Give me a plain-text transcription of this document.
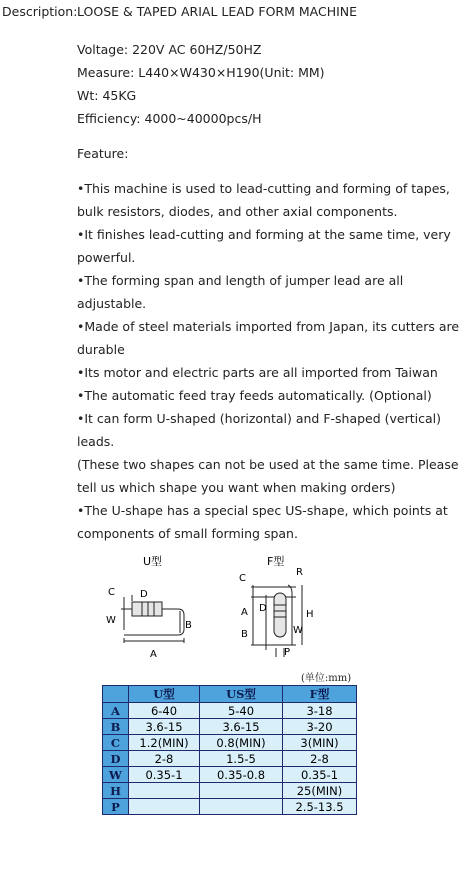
Description: LOOSE & TAPED ARIAL LEAD FORM MACHINE

Voltage: 220V AC 60HZ/50HZ

Measure: L440×W430×H190(Unit: MM)

Wt: 45KG

Efficiency: 4000~40000pcs/H

Feature:

•This machine is used to lead-cutting and forming of tapes, bulk resistors, diodes, and other axial components.

•It finishes lead-cutting and forming at the same time, very powerful.

•The forming span and length of jumper lead are all adjustable.

•Made of steel materials imported from Japan, its cutters are durable

•Its motor and electric parts are all imported from Taiwan

•The automatic feed tray feeds automatically. (Optional)

•It can form U-shaped (horizontal) and F-shaped (vertical) leads.

(These two shapes can not be used at the same time. Please tell us which shape you want when making orders)

•The U-shape has a special spec US-shape, which points at components of small forming span.

U型
C	D
W	B
A
F型
C
R
A D
H
B	W
P
(单位:mm)
	U型	US型	F型
A	6-40	5-40	3-18
B	3.6-15	3.6-15	3-20
C	1.2(MIN)	0.8(MIN)	3(MIN)
D	2-8	1.5-5	2-8
W	0.35-1	0.35-0.8	0.35-1
H			25(MIN)
P			2.5-13.5
